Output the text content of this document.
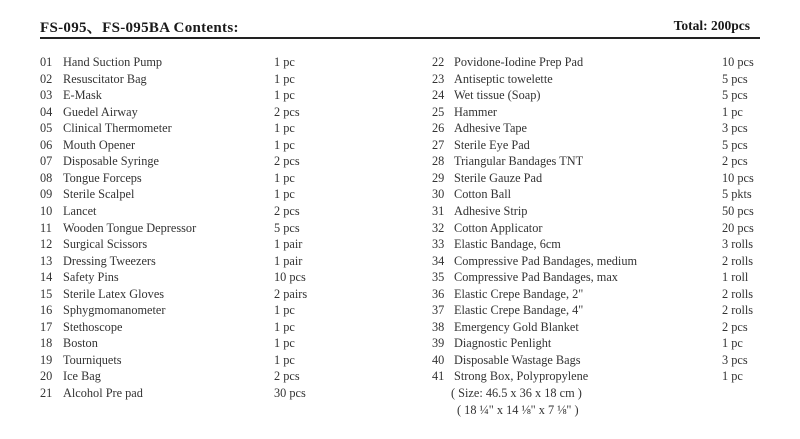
FS-095、FS-095BA Contents:	Total: 200pcs
01 Hand Suction Pump	1 pc
02 Resuscitator Bag	1 pc
03 E-Mask	1 pc
04 Guedel Airway	2 pcs
05 Clinical Thermometer	1 pc
06 Mouth Opener	1 pc
07 Disposable Syringe	2 pcs
08 Tongue Forceps	1 pc
09 Sterile Scalpel	1 pc
10 Lancet	2 pcs
11 Wooden Tongue Depressor	5 pcs
12 Surgical Scissors	1 pair
13 Dressing Tweezers	1 pair
14 Safety Pins	10 pcs
15 Sterile Latex Gloves	2 pairs
16 Sphygmomanometer	1 pc
17 Stethoscope	1 pc
18 Boston	1 pc
19 Tourniquets	1 pc
20 Ice Bag	2 pcs
21 Alcohol Pre pad	30 pcs
22 Povidone-Iodine Prep Pad	10 pcs
23 Antiseptic towelette	5 pcs
24 Wet tissue (Soap)	5 pcs
25 Hammer	1 pc
26 Adhesive Tape	3 pcs
27 Sterile Eye Pad	5 pcs
28 Triangular Bandages TNT	2 pcs
29 Sterile Gauze Pad	10 pcs
30 Cotton Ball	5 pkts
31 Adhesive Strip	50 pcs
32 Cotton Applicator	20 pcs
33 Elastic Bandage, 6cm	3 rolls
34 Compressive Pad Bandages, medium	2 rolls
35 Compressive Pad Bandages, max	1 roll
36 Elastic Crepe Bandage, 2"	2 rolls
37 Elastic Crepe Bandage, 4"	2 rolls
38 Emergency Gold Blanket	2 pcs
39 Diagnostic Penlight	1 pc
40 Disposable Wastage Bags	3 pcs
41 Strong Box, Polypropylene	1 pc
( Size: 46.5 x 36 x 18 cm )
( 18 ¼" x 14 ⅛" x 7 ⅛" )
